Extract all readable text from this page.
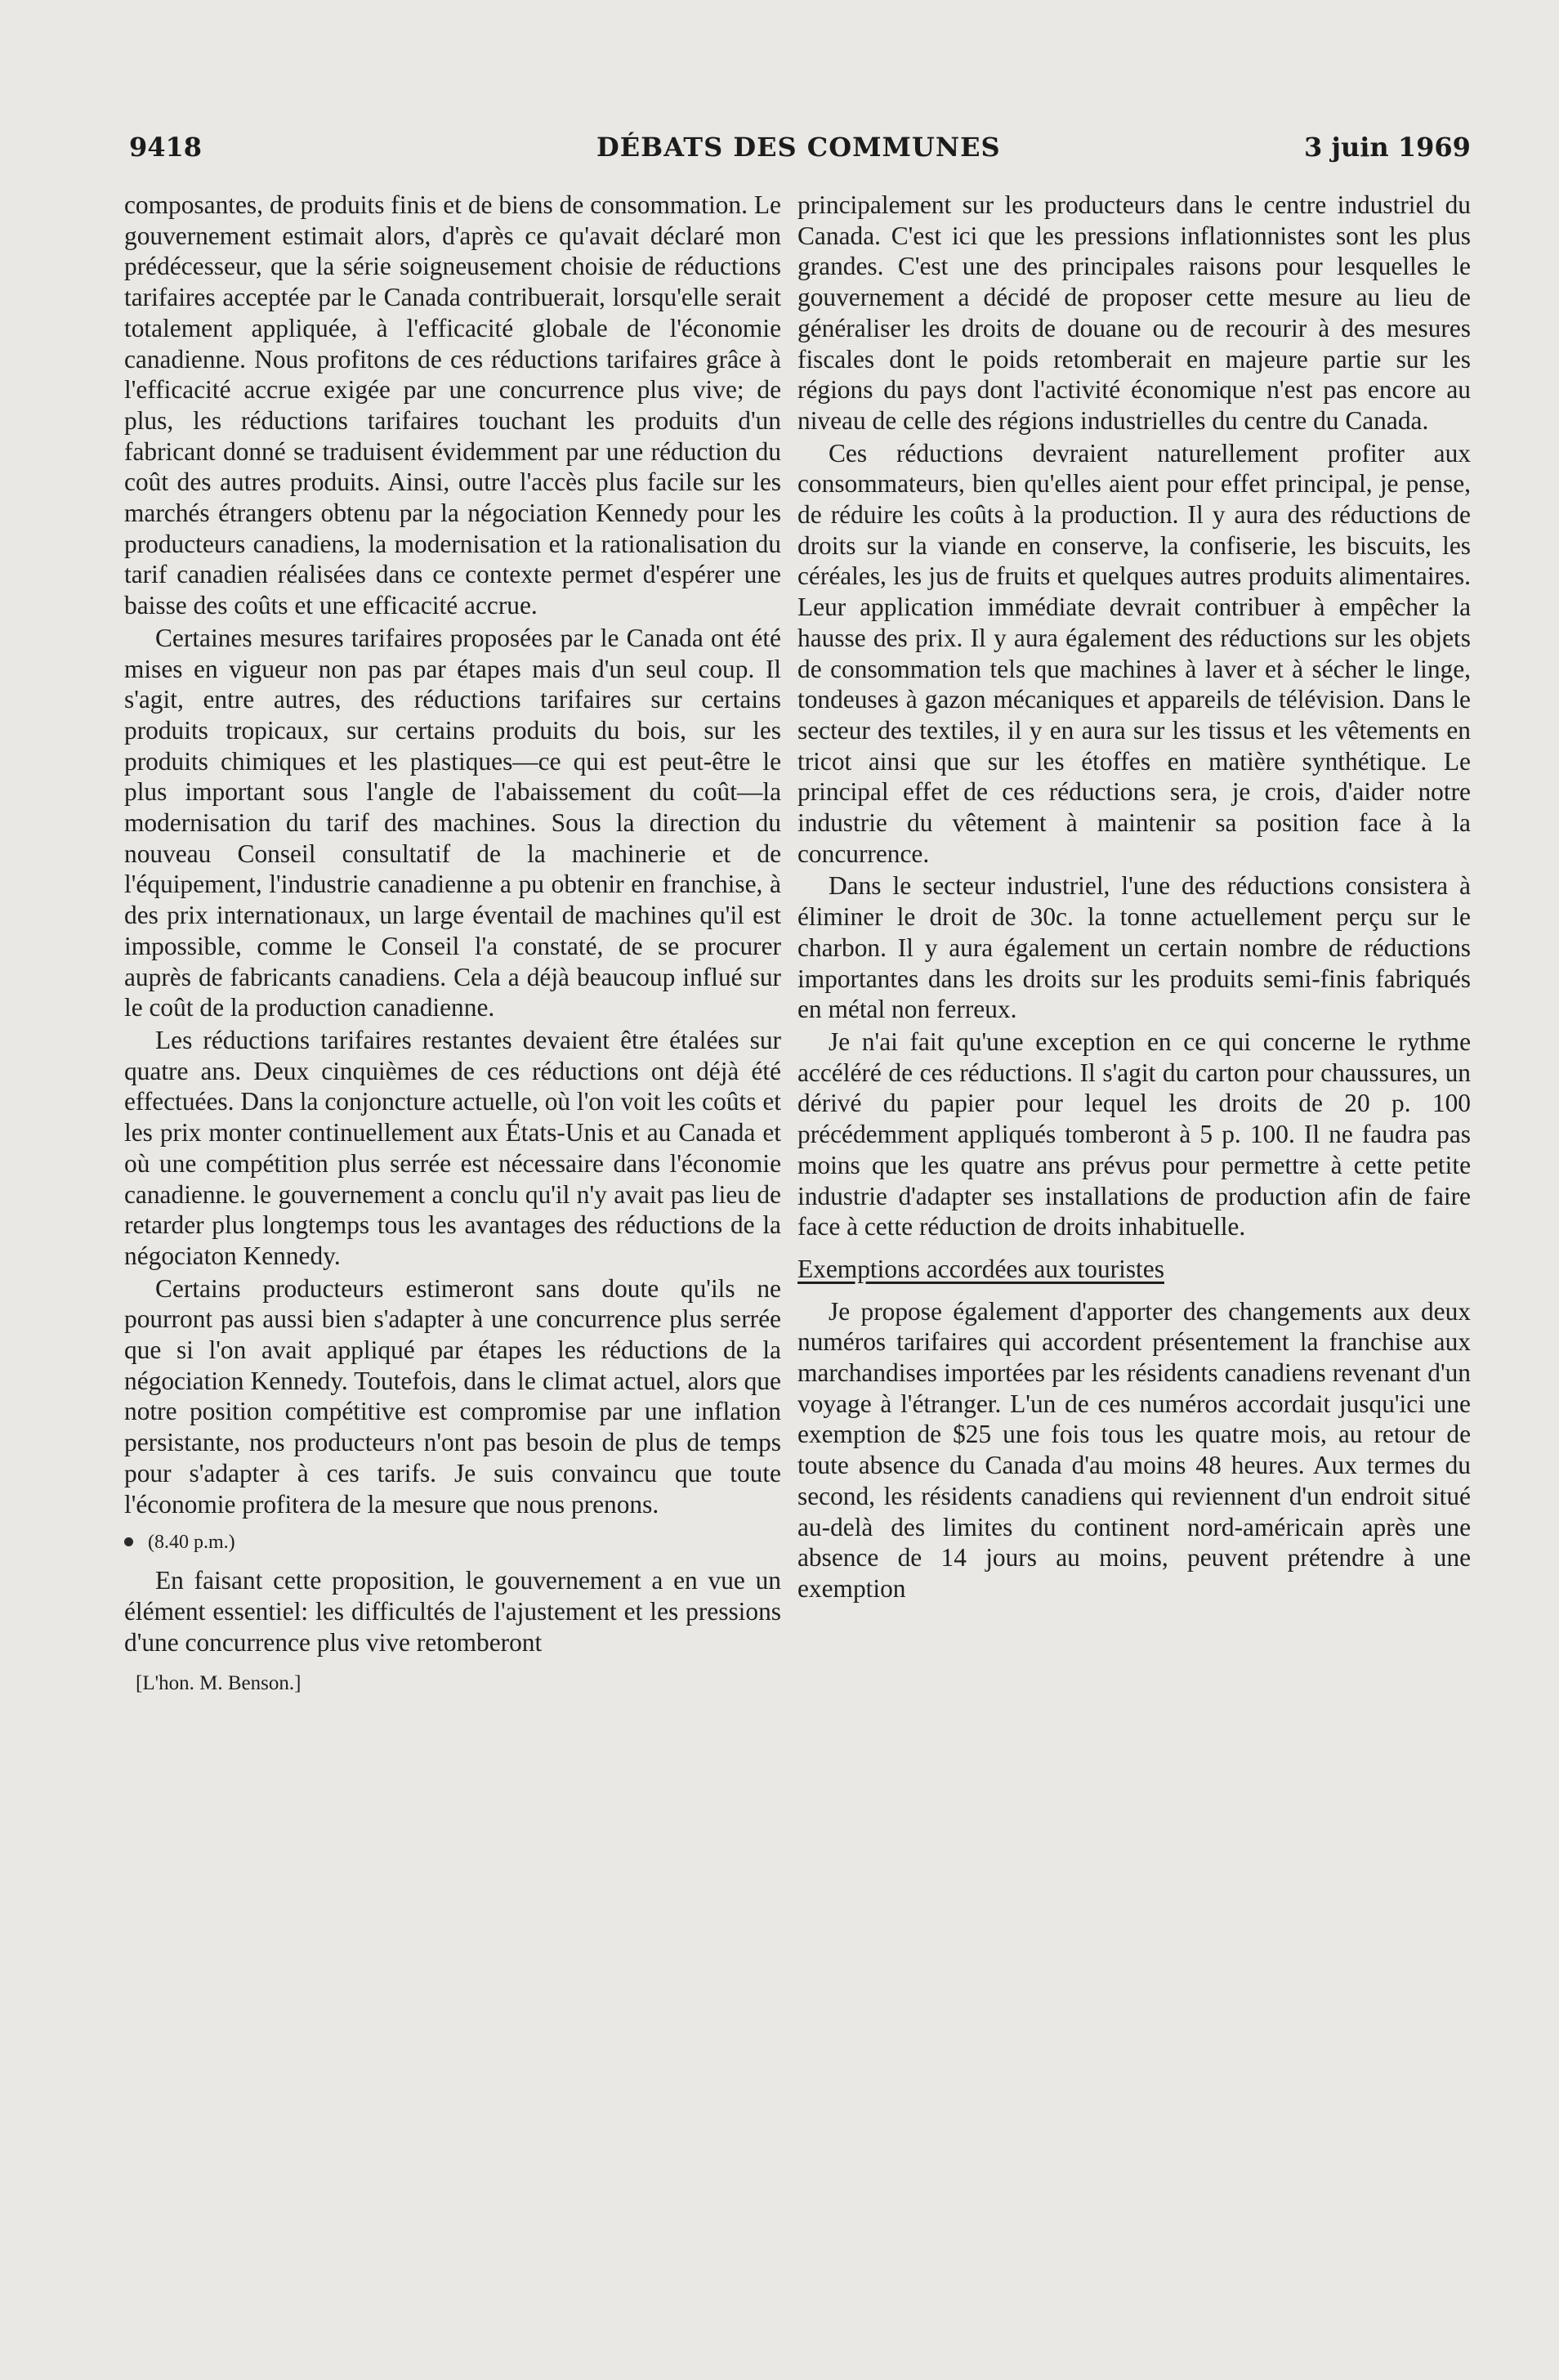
9418	DÉBATS DES COMMUNES	3 juin 1969

composantes, de produits finis et de biens de consommation. Le gouvernement estimait alors, d'après ce qu'avait déclaré mon prédécesseur, que la série soigneusement choisie de réductions tarifaires acceptée par le Canada contribuerait, lorsqu'elle serait totalement appliquée, à l'efficacité globale de l'économie canadienne. Nous profitons de ces réductions tarifaires grâce à l'efficacité accrue exigée par une concurrence plus vive; de plus, les réductions tarifaires touchant les produits d'un fabricant donné se traduisent évidemment par une réduction du coût des autres produits. Ainsi, outre l'accès plus facile sur les marchés étrangers obtenu par la négociation Kennedy pour les producteurs canadiens, la modernisation et la rationalisation du tarif canadien réalisées dans ce contexte permet d'espérer une baisse des coûts et une efficacité accrue.

Certaines mesures tarifaires proposées par le Canada ont été mises en vigueur non pas par étapes mais d'un seul coup. Il s'agit, entre autres, des réductions tarifaires sur certains produits tropicaux, sur certains produits du bois, sur les produits chimiques et les plastiques—ce qui est peut-être le plus important sous l'angle de l'abaissement du coût—la modernisation du tarif des machines. Sous la direction du nouveau Conseil consultatif de la machinerie et de l'équipement, l'industrie canadienne a pu obtenir en franchise, à des prix internationaux, un large éventail de machines qu'il est impossible, comme le Conseil l'a constaté, de se procurer auprès de fabricants canadiens. Cela a déjà beaucoup influé sur le coût de la production canadienne.

Les réductions tarifaires restantes devaient être étalées sur quatre ans. Deux cinquièmes de ces réductions ont déjà été effectuées. Dans la conjoncture actuelle, où l'on voit les coûts et les prix monter continuellement aux États-Unis et au Canada et où une compétition plus serrée est nécessaire dans l'économie canadienne. le gouvernement a conclu qu'il n'y avait pas lieu de retarder plus longtemps tous les avantages des réductions de la négociaton Kennedy.

Certains producteurs estimeront sans doute qu'ils ne pourront pas aussi bien s'adapter à une concurrence plus serrée que si l'on avait appliqué par étapes les réductions de la négociation Kennedy. Toutefois, dans le climat actuel, alors que notre position compétitive est compromise par une inflation persistante, nos producteurs n'ont pas besoin de plus de temps pour s'adapter à ces tarifs. Je suis convaincu que toute l'économie profitera de la mesure que nous prenons.

(8.40 p.m.)

En faisant cette proposition, le gouvernement a en vue un élément essentiel: les difficultés de l'ajustement et les pressions d'une concurrence plus vive retomberont

[L'hon. M. Benson.]

principalement sur les producteurs dans le centre industriel du Canada. C'est ici que les pressions inflationnistes sont les plus grandes. C'est une des principales raisons pour lesquelles le gouvernement a décidé de proposer cette mesure au lieu de généraliser les droits de douane ou de recourir à des mesures fiscales dont le poids retomberait en majeure partie sur les régions du pays dont l'activité économique n'est pas encore au niveau de celle des régions industrielles du centre du Canada.

Ces réductions devraient naturellement profiter aux consommateurs, bien qu'elles aient pour effet principal, je pense, de réduire les coûts à la production. Il y aura des réductions de droits sur la viande en conserve, la confiserie, les biscuits, les céréales, les jus de fruits et quelques autres produits alimentaires. Leur application immédiate devrait contribuer à empêcher la hausse des prix. Il y aura également des réductions sur les objets de consommation tels que machines à laver et à sécher le linge, tondeuses à gazon mécaniques et appareils de télévision. Dans le secteur des textiles, il y en aura sur les tissus et les vêtements en tricot ainsi que sur les étoffes en matière synthétique. Le principal effet de ces réductions sera, je crois, d'aider notre industrie du vêtement à maintenir sa position face à la concurrence.

Dans le secteur industriel, l'une des réductions consistera à éliminer le droit de 30c. la tonne actuellement perçu sur le charbon. Il y aura également un certain nombre de réductions importantes dans les droits sur les produits semi-finis fabriqués en métal non ferreux.

Je n'ai fait qu'une exception en ce qui concerne le rythme accéléré de ces réductions. Il s'agit du carton pour chaussures, un dérivé du papier pour lequel les droits de 20 p. 100 précédemment appliqués tomberont à 5 p. 100. Il ne faudra pas moins que les quatre ans prévus pour permettre à cette petite industrie d'adapter ses installations de production afin de faire face à cette réduction de droits inhabituelle.

Exemptions accordées aux touristes

Je propose également d'apporter des changements aux deux numéros tarifaires qui accordent présentement la franchise aux marchandises importées par les résidents canadiens revenant d'un voyage à l'étranger. L'un de ces numéros accordait jusqu'ici une exemption de $25 une fois tous les quatre mois, au retour de toute absence du Canada d'au moins 48 heures. Aux termes du second, les résidents canadiens qui reviennent d'un endroit situé au-delà des limites du continent nord-américain après une absence de 14 jours au moins, peuvent prétendre à une exemption
